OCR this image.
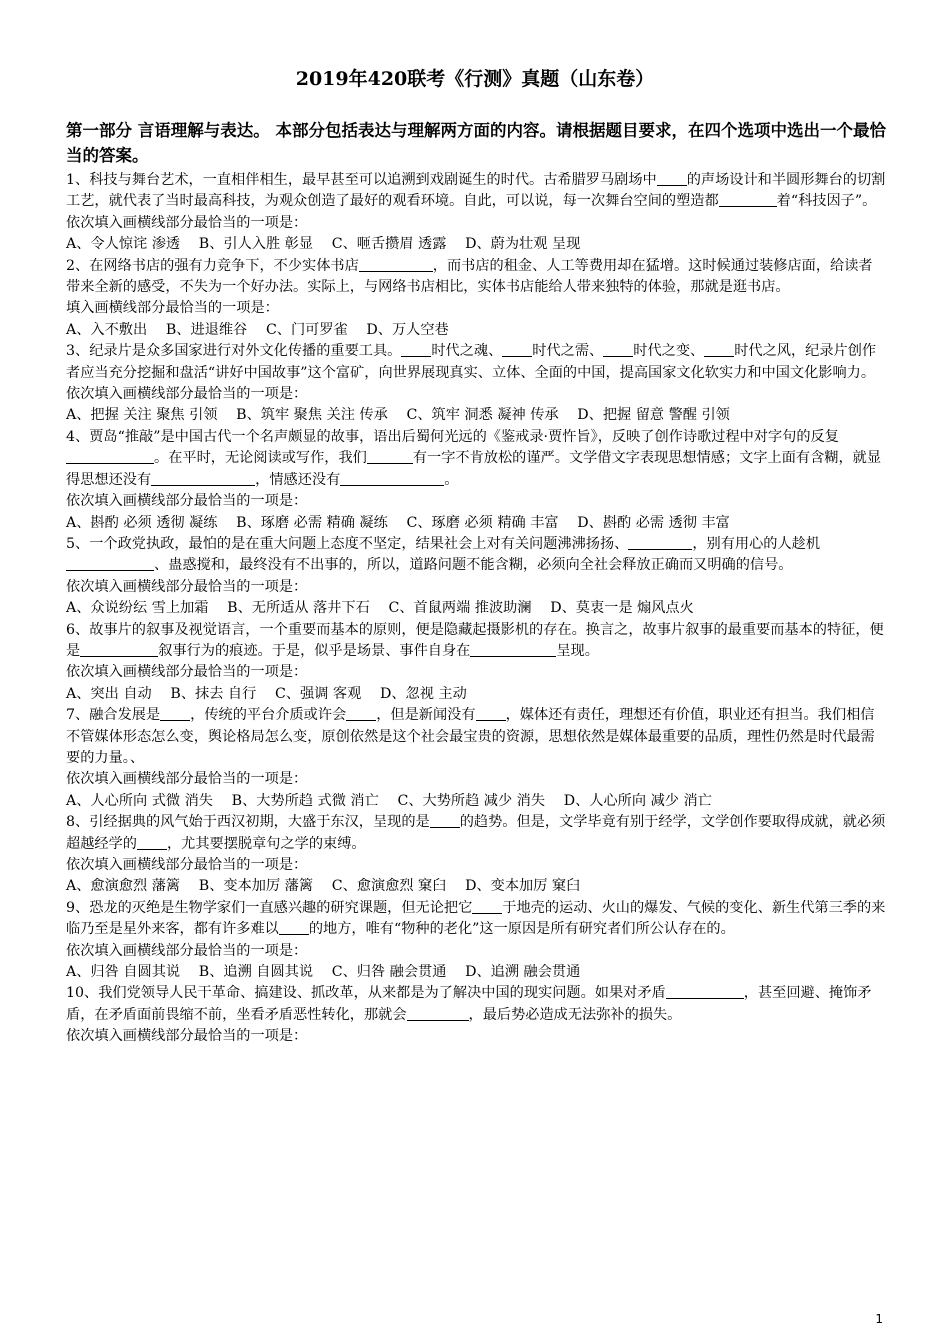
2019年420联考《行测》真题（山东卷）
第一部分 言语理解与表达。 本部分包括表达与理解两方面的内容。请根据题目要求，在四个选项中选出一个最恰当的答案。

1、科技与舞台艺术，一直相伴相生，最早甚至可以追溯到戏剧诞生的时代。古希腊罗马剧场中 的声场设计和半圆形舞台的切割工艺，就代表了当时最高科技，为观众创造了最好的观看环境。自此，可以说，每一次舞台空间的塑造都	着“科技因子”。

依次填入画横线部分最恰当的一项是：

A、令人惊诧 渗透　 B、引人入胜 彰显　 C、咂舌攒眉 透露　 D、蔚为壮观 呈现

2、在网络书店的强有力竞争下，不少实体书店	，而书店的租金、人工等费用却在猛增。这时候通过装修店面，给读者带来全新的感受，不失为一个好办法。实际上，与网络书店相比，实体书店能给人带来独特的体验，那就是逛书店。

填入画横线部分最恰当的一项是：

A、入不敷出　 B、进退维谷　 C、门可罗雀　 D、万人空巷

3、纪录片是众多国家进行对外文化传播的重要工具。 时代之魂、 时代之需、 时代之变、 时代之风，纪录片创作者应当充分挖掘和盘活“讲好中国故事”这个富矿，向世界展现真实、立体、全面的中国，提高国家文化软实力和中国文化影响力。

依次填入画横线部分最恰当的一项是：

A、把握 关注 聚焦 引领　 B、筑牢 聚焦 关注 传承　 C、筑牢 洞悉 凝神 传承　 D、把握 留意 警醒 引领

4、贾岛“推敲”是中国古代一个名声颇显的故事，语出后蜀何光远的《鉴戒录·贾忤旨》，反映了创作诗歌过程中对字句的反复。在平时，无论阅读或写作，我们	有一字不肯放松的谨严。文学借文字表现思想情感；文字上面有含糊，就显得思想还没有	，情感还没有	。

依次填入画横线部分最恰当的一项是：

A、斟酌 必须 透彻 凝练　 B、琢磨 必需 精确 凝练　 C、琢磨 必须 精确 丰富　 D、斟酌 必需 透彻 丰富

5、一个政党执政，最怕的是在重大问题上态度不坚定，结果社会上对有关问题沸沸扬扬、	，别有用心的人趁机、蛊惑搅和，最终没有不出事的，所以，道路问题不能含糊，必须向全社会释放正确而又明确的信号。

依次填入画横线部分最恰当的一项是：

A、众说纷纭 雪上加霜　 B、无所适从 落井下石　 C、首鼠两端 推波助澜　 D、莫衷一是 煽风点火

6、故事片的叙事及视觉语言，一个重要而基本的原则，便是隐藏起摄影机的存在。换言之，故事片叙事的最重要而基本的特征，便是	叙事行为的痕迹。于是，似乎是场景、事件自身在	呈现。

依次填入画横线部分最恰当的一项是：

A、突出 自动　 B、抹去 自行　 C、强调 客观　 D、忽视 主动

7、融合发展是 ，传统的平台介质或许会 ，但是新闻没有 ，媒体还有责任，理想还有价值，职业还有担当。我们相信不管媒体形态怎么变，舆论格局怎么变，原创依然是这个社会最宝贵的资源，思想依然是媒体最重要的品质，理性仍然是时代最需要的力量。、

依次填入画横线部分最恰当的一项是：

A、人心所向 式微 消失　 B、大势所趋 式微 消亡　 C、大势所趋 减少 消失　 D、人心所向 减少 消亡

8、引经据典的风气始于西汉初期，大盛于东汉，呈现的是 的趋势。但是，文学毕竟有别于经学，文学创作要取得成就，就必须超越经学的 ，尤其要摆脱章句之学的束缚。

依次填入画横线部分最恰当的一项是：

A、愈演愈烈 藩篱　 B、变本加厉 藩篱　 C、愈演愈烈 窠臼　 D、变本加厉 窠臼

9、恐龙的灭绝是生物学家们一直感兴趣的研究课题，但无论把它 于地壳的运动、火山的爆发、气候的变化、新生代第三季的来临乃至是星外来客，都有许多难以 的地方，唯有“物种的老化”这一原因是所有研究者们所公认存在的。

依次填入画横线部分最恰当的一项是：

A、归咎 自圆其说　 B、追溯 自圆其说　 C、归咎 融会贯通　 D、追溯 融会贯通

10、我们党领导人民干革命、搞建设、抓改革，从来都是为了解决中国的现实问题。如果对矛盾	，甚至回避、掩饰矛盾，在矛盾面前畏缩不前，坐看矛盾恶性转化，那就会	，最后势必造成无法弥补的损失。

依次填入画横线部分最恰当的一项是：

1
